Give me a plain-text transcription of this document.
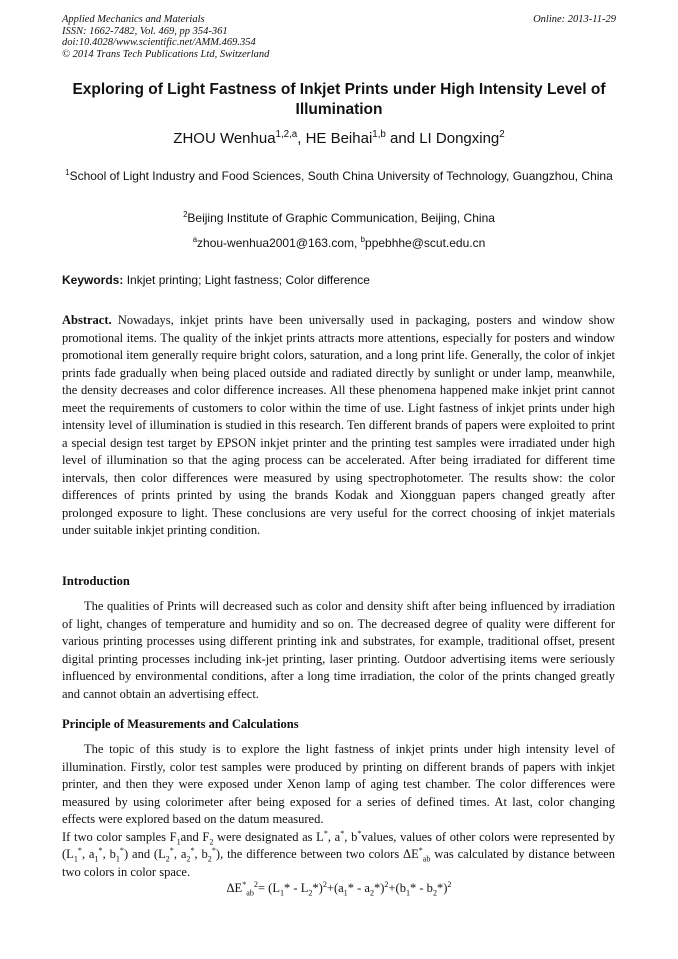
Applied Mechanics and Materials
ISSN: 1662-7482, Vol. 469, pp 354-361
doi:10.4028/www.scientific.net/AMM.469.354
© 2014 Trans Tech Publications Ltd, Switzerland
Online: 2013-11-29
Exploring of Light Fastness of Inkjet Prints under High Intensity Level of Illumination
ZHOU Wenhua$^{1,2,a}$, HE Beihai$^{1,b}$ and LI Dongxing$^2$
$^1$School of Light Industry and Food Sciences, South China University of Technology, Guangzhou, China
$^2$Beijing Institute of Graphic Communication, Beijing, China
$^a$zhou-wenhua2001@163.com, $^b$ppebhhe@scut.edu.cn
Keywords: Inkjet printing; Light fastness; Color difference
Abstract. Nowadays, inkjet prints have been universally used in packaging, posters and window show promotional items. The quality of the inkjet prints attracts more attentions, especially for posters and window promotional item generally require bright colors, saturation, and a long print life. Generally, the color of inkjet prints fade gradually when being placed outside and radiated directly by sunlight or under lamp, meanwhile, the density decreases and color difference increases. All these phenomena happened make inkjet print cannot meet the requirements of customers to color within the time of use. Light fastness of inkjet prints under high intensity level of illumination is studied in this research. Ten different brands of papers were exploited to print a special design test target by EPSON inkjet printer and the printing test samples were irradiated under high level of illumination so that the aging process can be accelerated. After being irradiated for different time intervals, then color differences were measured by using spectrophotometer. The results show: the color differences of prints printed by using the brands Kodak and Xiongguan papers changed greatly after prolonged exposure to light. These conclusions are very useful for the correct choosing of inkjet materials under suitable inkjet printing condition.
Introduction
The qualities of Prints will decreased such as color and density shift after being influenced by irradiation of light, changes of temperature and humidity and so on. The decreased degree of quality were different for various printing processes using different printing ink and substrates, for example, traditional offset, present digital printing processes including ink-jet printing, laser printing. Outdoor advertising items were seriously influenced by environmental conditions, after a long time irradiation, the color of the prints changed greatly and cannot obtain an advertising effect.
Principle of Measurements and Calculations
The topic of this study is to explore the light fastness of inkjet prints under high intensity level of illumination. Firstly, color test samples were produced by printing on different brands of papers with inkjet printer, and then they were exposed under Xenon lamp of aging test chamber. The color differences were measured by using colorimeter after being exposed for a series of defined times. At last, color changing effects were explored based on the datum measured.
If two color samples $F_1and$ $F_2$ were designated as L*, a*, b*values, values of other colors were represented by ($L_1^*$, $a_1^*$, $b_1^*$) and ($L_2^*$, $a_2^*$, $b_2^*$), the difference between two colors $\Delta E^*_{ab}$ was calculated by distance between two colors in color space.
$\Delta E^*_{ab}^2= (L_1* - L_2*)^2+(a_1* - a_2*)^2+(b_1* - b_2*)^2$
